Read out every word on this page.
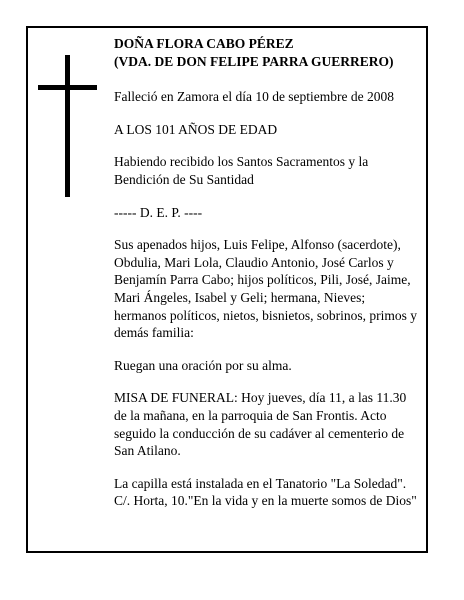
DOÑA FLORA CABO PÉREZ
(VDA. DE DON FELIPE PARRA GUERRERO)

Falleció en Zamora el día 10 de septiembre de 2008

A LOS 101 AÑOS DE EDAD

Habiendo recibido los Santos Sacramentos y la
Bendición de Su Santidad

----- D. E. P. ----

Sus apenados hijos, Luis Felipe, Alfonso (sacerdote),
Obdulia, Mari Lola, Claudio Antonio, José Carlos y
Benjamín Parra Cabo; hijos políticos, Pili, José, Jaime,
Mari Ángeles, Isabel y Geli; hermana, Nieves;
hermanos políticos, nietos, bisnietos, sobrinos, primos y
demás familia:

Ruegan una oración por su alma.

MISA DE FUNERAL: Hoy jueves, día 11, a las 11.30
de la mañana, en la parroquia de San Frontis. Acto
seguido la conducción de su cadáver al cementerio de
San Atilano.

La capilla está instalada en el Tanatorio "La Soledad".
C/. Horta, 10."En la vida y en la muerte somos de Dios"
